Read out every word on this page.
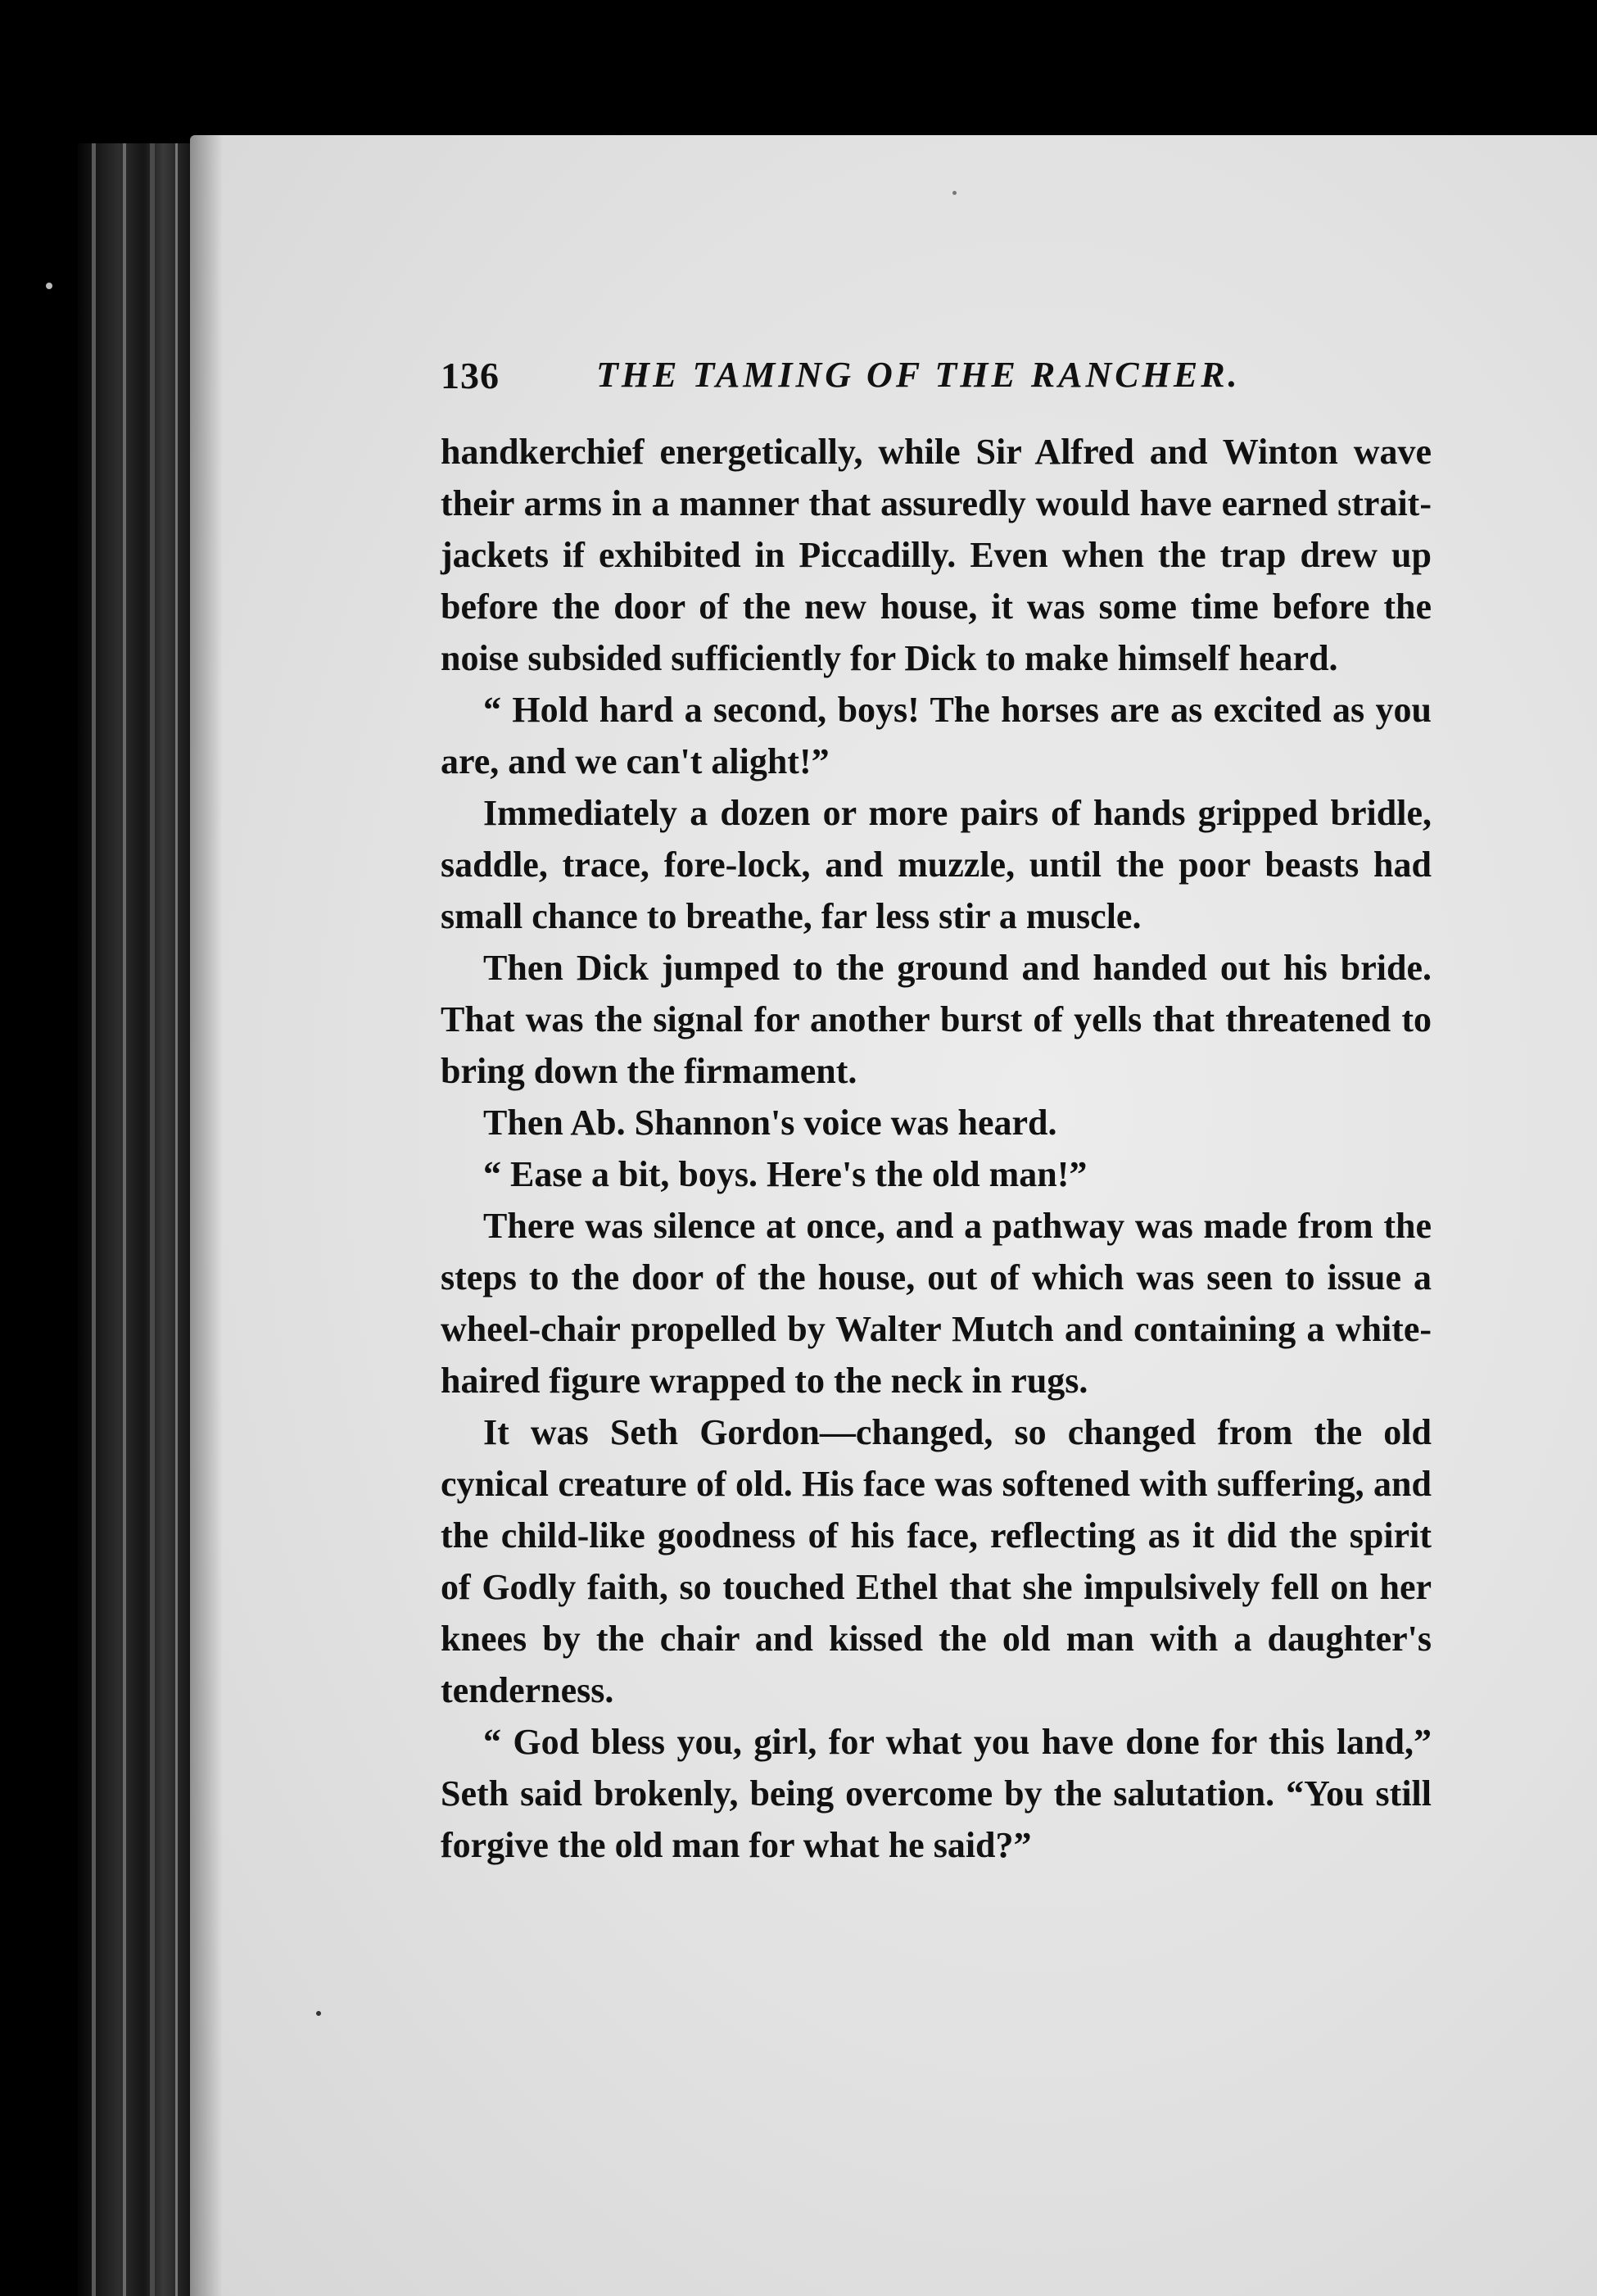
136	THE TAMING OF THE RANCHER.

handkerchief energetically, while Sir Alfred and Winton wave their arms in a manner that assuredly would have earned strait-jackets if exhibited in Piccadilly. Even when the trap drew up before the door of the new house, it was some time before the noise subsided sufficiently for Dick to make himself heard.

“ Hold hard a second, boys! The horses are as excited as you are, and we can't alight!”

Immediately a dozen or more pairs of hands gripped bridle, saddle, trace, fore-lock, and muzzle, until the poor beasts had small chance to breathe, far less stir a muscle.

Then Dick jumped to the ground and handed out his bride. That was the signal for another burst of yells that threatened to bring down the firmament.

Then Ab. Shannon's voice was heard.

“ Ease a bit, boys. Here's the old man!”

There was silence at once, and a pathway was made from the steps to the door of the house, out of which was seen to issue a wheel-chair propelled by Walter Mutch and containing a white-haired figure wrapped to the neck in rugs.

It was Seth Gordon—changed, so changed from the old cynical creature of old. His face was softened with suffering, and the child-like goodness of his face, reflecting as it did the spirit of Godly faith, so touched Ethel that she impulsively fell on her knees by the chair and kissed the old man with a daughter's tenderness.

“ God bless you, girl, for what you have done for this land,” Seth said brokenly, being overcome by the salutation. “You still forgive the old man for what he said?”
